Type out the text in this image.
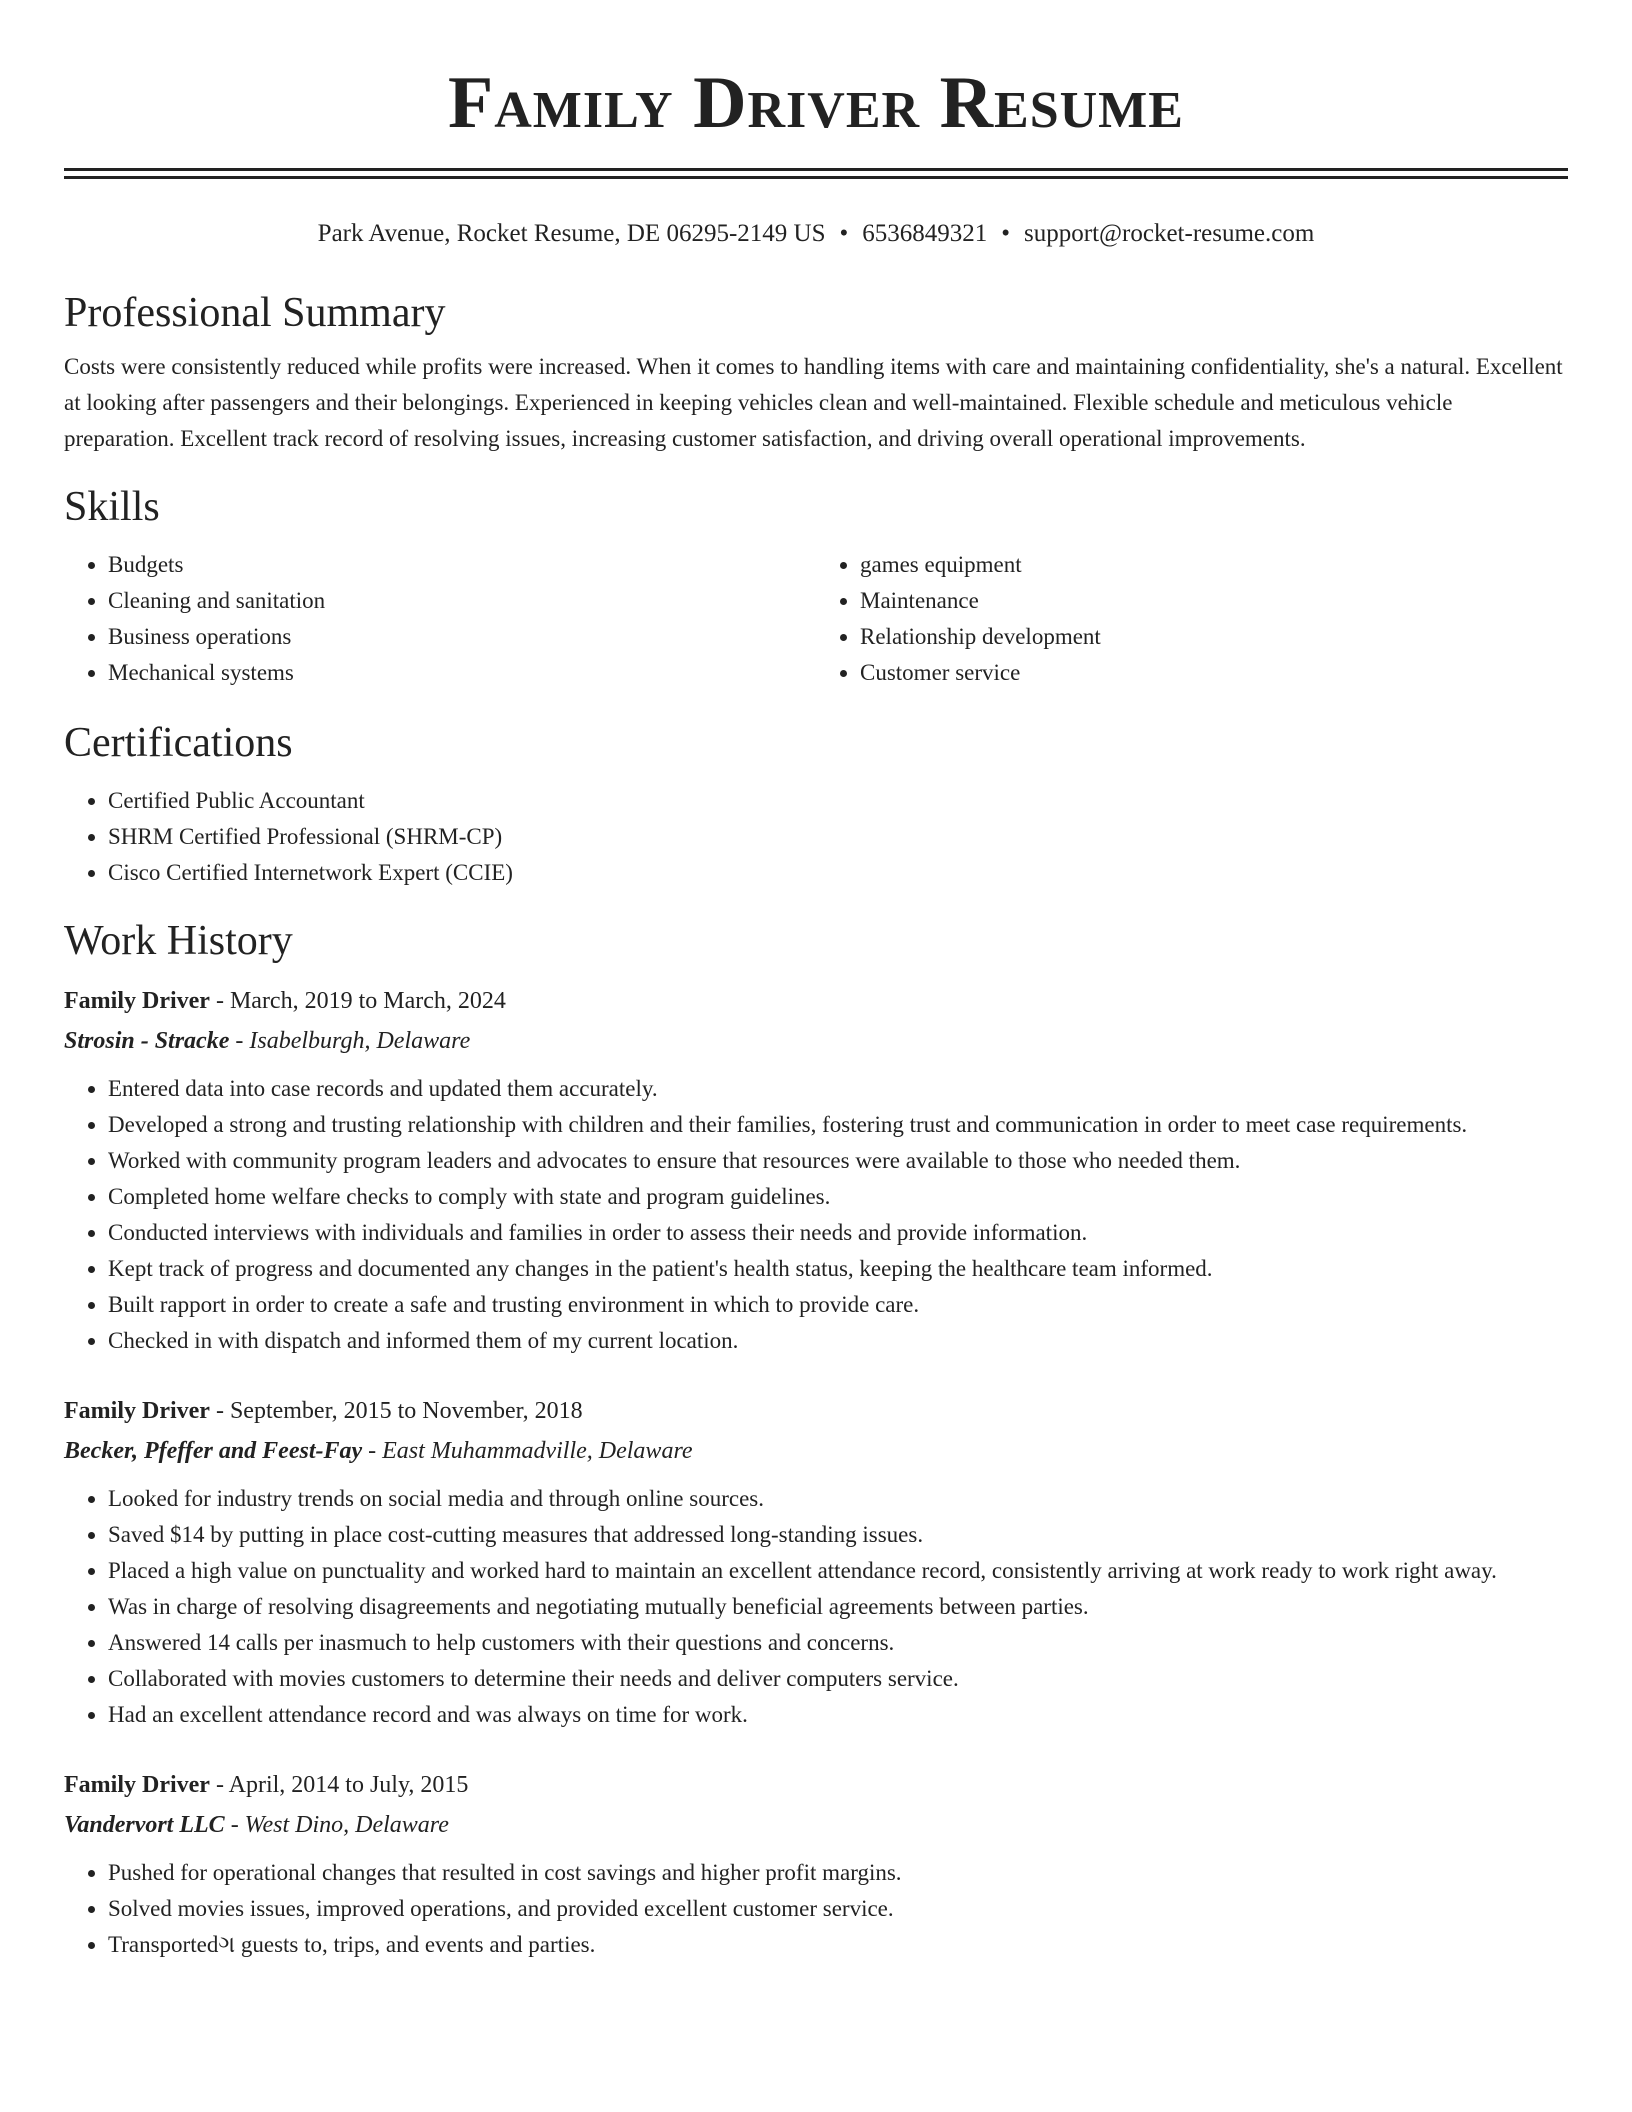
Family Driver Resume
Park Avenue, Rocket Resume, DE 06295-2149 US • 6536849321 • support@rocket-resume.com
Professional Summary

Costs were consistently reduced while profits were increased. When it comes to handling items with care and maintaining confidentiality, she's a natural. Excellent at looking after passengers and their belongings. Experienced in keeping vehicles clean and well-maintained. Flexible schedule and meticulous vehicle preparation. Excellent track record of resolving issues, increasing customer satisfaction, and driving overall operational improvements.

Skills
• Budgets
• Cleaning and sanitation
• Business operations
• Mechanical systems
• games equipment
• Maintenance
• Relationship development
• Customer service
Certifications
• Certified Public Accountant
• SHRM Certified Professional (SHRM-CP)
• Cisco Certified Internetwork Expert (CCIE)
Work History
Family Driver - March, 2019 to March, 2024
Strosin - Stracke - Isabelburgh, Delaware
• Entered data into case records and updated them accurately.
• Developed a strong and trusting relationship with children and their families, fostering trust and communication in order to meet case requirements.
• Worked with community program leaders and advocates to ensure that resources were available to those who needed them.
• Completed home welfare checks to comply with state and program guidelines.
• Conducted interviews with individuals and families in order to assess their needs and provide information.
• Kept track of progress and documented any changes in the patient's health status, keeping the healthcare team informed.
• Built rapport in order to create a safe and trusting environment in which to provide care.
• Checked in with dispatch and informed them of my current location.
Family Driver - September, 2015 to November, 2018
Becker, Pfeffer and Feest-Fay - East Muhammadville, Delaware
• Looked for industry trends on social media and through online sources.
• Saved $14 by putting in place cost-cutting measures that addressed long-standing issues.
• Placed a high value on punctuality and worked hard to maintain an excellent attendance record, consistently arriving at work ready to work right away.
• Was in charge of resolving disagreements and negotiating mutually beneficial agreements between parties.
• Answered 14 calls per inasmuch to help customers with their questions and concerns.
• Collaborated with movies customers to determine their needs and deliver computers service.
• Had an excellent attendance record and was always on time for work.
Family Driver - April, 2014 to July, 2015
Vandervort LLC - West Dino, Delaware
• Pushed for operational changes that resulted in cost savings and higher profit margins.
• Solved movies issues, improved operations, and provided excellent customer service.
• Transportedગ guests to, trips, and events and parties.
